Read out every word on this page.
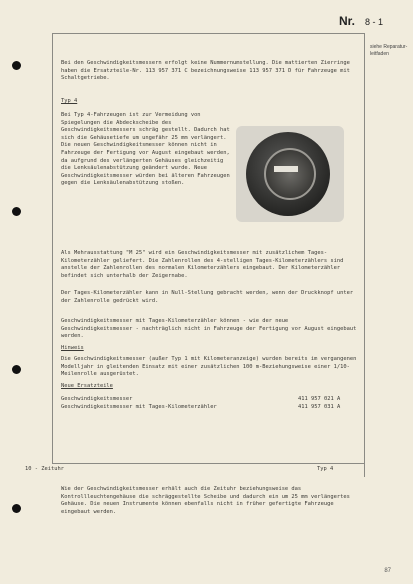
Nr. 8 - 1
siehe Reparatur- leitfaden
Bei den Geschwindigkeitsmessern erfolgt keine Nummernumstellung. Die mattierten Zierringe haben die Ersatzteile-Nr. 113 957 371 C bezeichnungsweise 113 957 371 D für Fahrzeuge mit Schaltgetriebe.
Typ 4
Bei Typ 4-Fahrzeugen ist zur Vermeidung von Spiegelungen die Abdeckscheibe des Geschwindigkeitsmessers schräg gestellt. Dadurch hat sich die Gehäusetiefe um ungefähr 25 mm verlängert. Die neuen Geschwindigkeitsmesser können nicht in Fahrzeuge der Fertigung vor August eingebaut werden, da aufgrund des verlängerten Gehäuses gleichzeitig die Lenksäulenabstützung geändert wurde. Neue Geschwindigkeitsmesser würden bei älteren Fahrzeugen gegen die Lenksäulenabstützung stoßen.
Als Mehrausstattung "M 25" wird ein Geschwindigkeitsmesser mit zusätzlichem Tages-Kilometerzähler geliefert. Die Zahlenrollen des 4-stelligen Tages-Kilometerzählers sind anstelle der Zahlenrollen des normalen Kilometerzählers eingebaut. Der Kilometerzähler befindet sich unterhalb der Zeigernabe.
Der Tages-Kilometerzähler kann in Null-Stellung gebracht werden, wenn der Druckknopf unter der Zahlenrolle gedrückt wird.
Geschwindigkeitsmesser mit Tages-Kilometerzähler können - wie der neue Geschwindigkeitsmesser - nachträglich nicht in Fahrzeuge der Fertigung vor August eingebaut werden.
Hinweis
Die Geschwindigkeitsmesser (außer Typ 1 mit Kilometeranzeige) wurden bereits im vergangenen Modelljahr in gleitenden Einsatz mit einer zusätzlichen 100 m-Beziehungsweise einer 1/10-Meilenrolle ausgerüstet.
Neue Ersatzteile
Geschwindigkeitsmesser	411 957 021 A
Geschwindigkeitsmesser mit Tages-Kilometerzähler	411 957 031 A
10 - Zeituhr	Typ 4
Wie der Geschwindigkeitsmesser erhält auch die Zeituhr beziehungsweise das Kontrollleuchtengehäuse die schräggestellte Scheibe und dadurch ein um 25 mm verlängertes Gehäuse. Die neuen Instrumente können ebenfalls nicht in früher gefertigte Fahrzeuge eingebaut werden.
87
